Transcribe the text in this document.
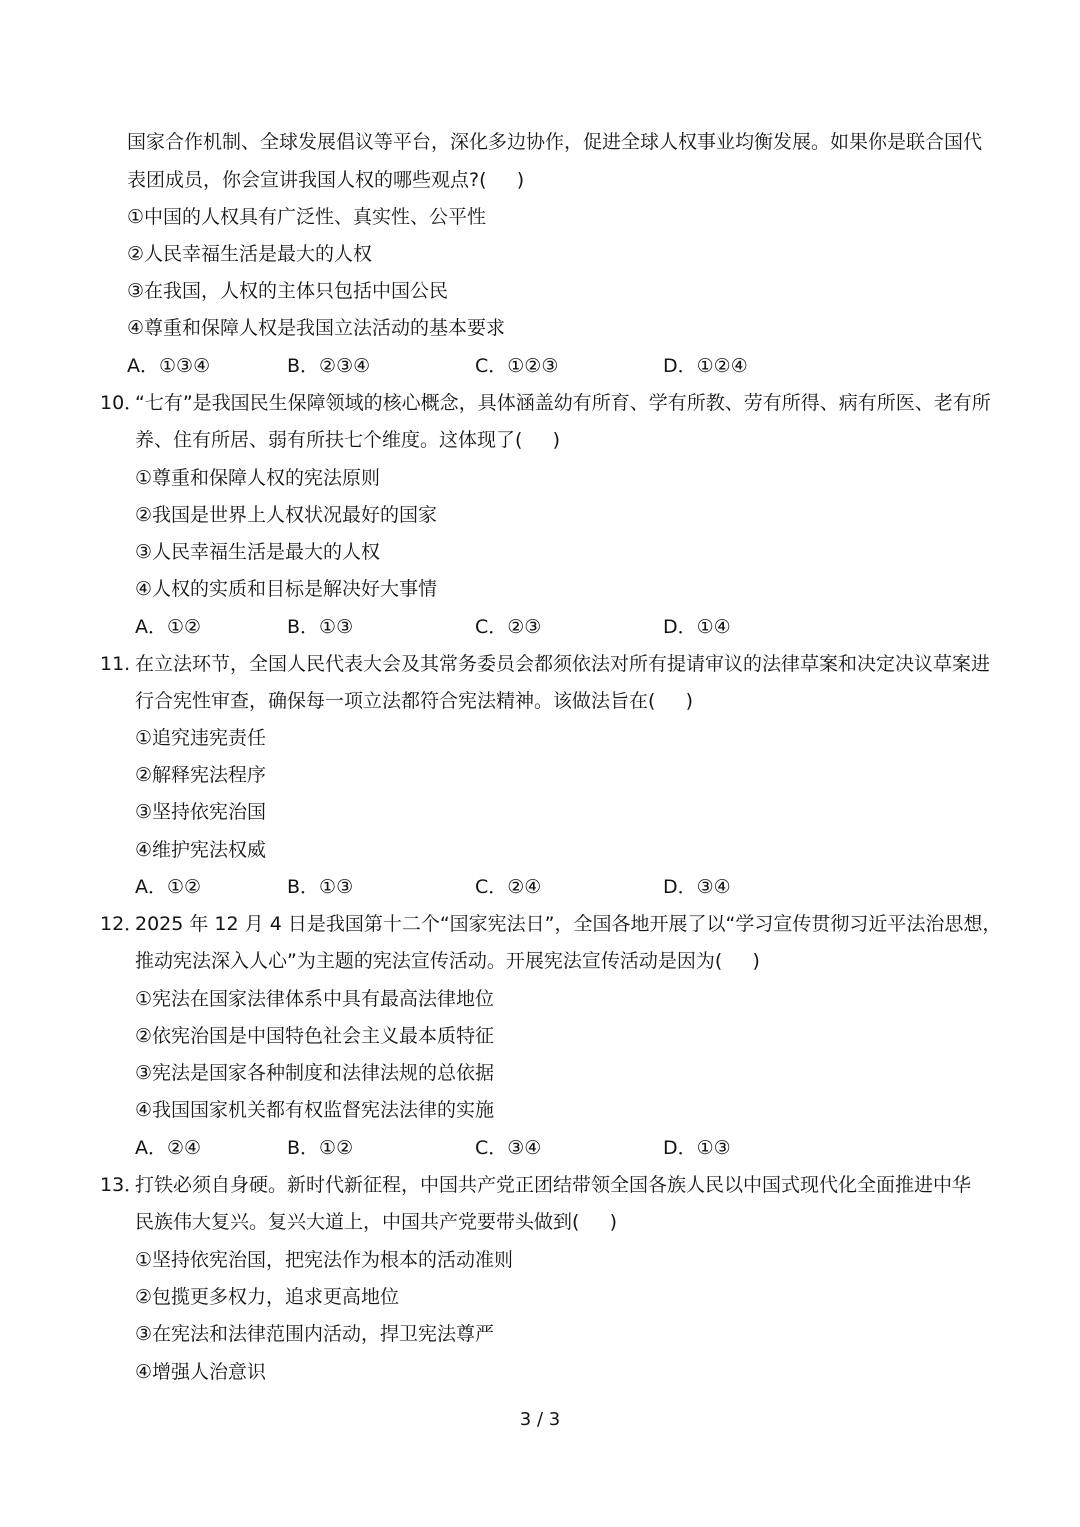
国家合作机制、全球发展倡议等平台，深化多边协作，促进全球人权事业均衡发展。如果你是联合国代
表团成员，你会宣讲我国人权的哪些观点?(     )
①中国的人权具有广泛性、真实性、公平性
②人民幸福生活是最大的人权
③在我国，人权的主体只包括中国公民
④尊重和保障人权是我国立法活动的基本要求
A．①③④	B．②③④	C．①②③	D．①②④
10．
“七有”是我国民生保障领域的核心概念，具体涵盖幼有所育、学有所教、劳有所得、病有所医、老有所
养、住有所居、弱有所扶七个维度。这体现了(     )
①尊重和保障人权的宪法原则
②我国是世界上人权状况最好的国家
③人民幸福生活是最大的人权
④人权的实质和目标是解决好大事情
A．①②	B．①③	C．②③	D．①④
11. 在立法环节，全国人民代表大会及其常务委员会都须依法对所有提请审议的法律草案和决定决议草案进
行合宪性审查，确保每一项立法都符合宪法精神。该做法旨在(     )
①追究违宪责任
②解释宪法程序
③坚持依宪治国
④维护宪法权威
A．①②	B．①③	C．②④	D．③④
12．
2025 年 12 月 4 日是我国第十二个“国家宪法日”，全国各地开展了以“学习宣传贯彻习近平法治思想，
推动宪法深入人心”为主题的宪法宣传活动。开展宪法宣传活动是因为(     )
①宪法在国家法律体系中具有最高法律地位
②依宪治国是中国特色社会主义最本质特征
③宪法是国家各种制度和法律法规的总依据
④我国国家机关都有权监督宪法法律的实施
A．②④	B．①②	C．③④	D．①③
13．
打铁必须自身硬。新时代新征程，中国共产党正团结带领全国各族人民以中国式现代化全面推进中华
民族伟大复兴。复兴大道上，中国共产党要带头做到(     )
①坚持依宪治国，把宪法作为根本的活动准则
②包揽更多权力，追求更高地位
③在宪法和法律范围内活动，捍卫宪法尊严
④增强人治意识
3 / 3
